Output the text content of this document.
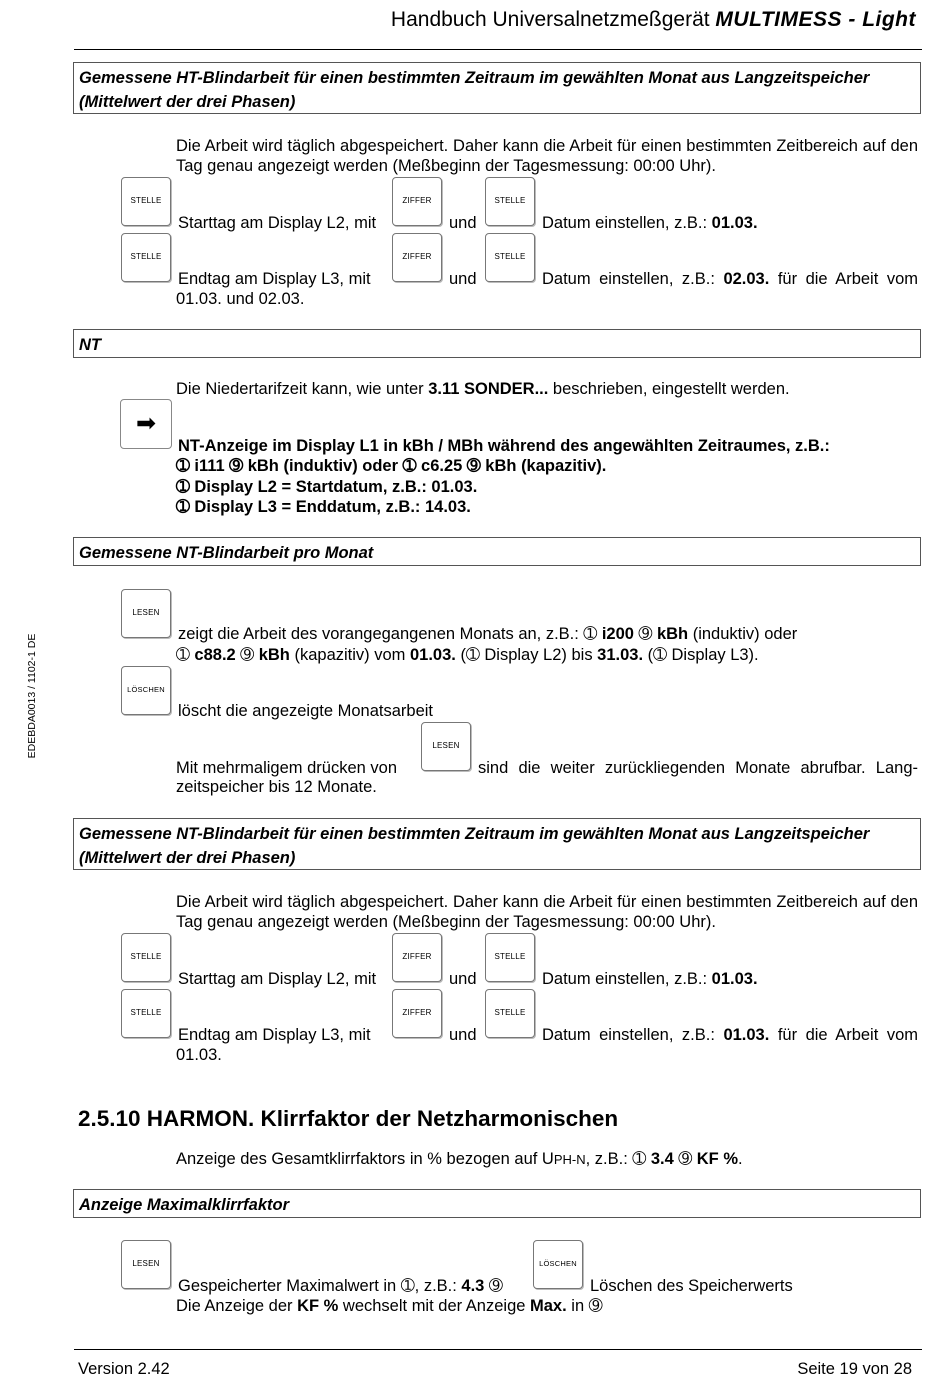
Handbuch Universalnetzmeßgerät MULTIMESS - Light
EDEBDA0013 / 1102-1 DE
Gemessene HT-Blindarbeit für einen bestimmten Zeitraum im gewählten Monat aus Langzeitspeicher (Mittelwert der drei Phasen)
Die Arbeit wird täglich abgespeichert. Daher kann die Arbeit für einen bestimmten Zeitbereich auf den Tag genau angezeigt werden (Meßbeginn der Tagesmessung: 00:00 Uhr).
STELLE
Starttag am Display L2, mit
ZIFFER
und
STELLE
Datum einstellen, z.B.: 01.03.
STELLE
Endtag am Display L3, mit
ZIFFER
und
STELLE
Datum einstellen, z.B.: 02.03. für die Arbeit vom
01.03. und 02.03.
NT
Die Niedertarifzeit kann, wie unter 3.11 SONDER... beschrieben, eingestellt werden.
➡
NT-Anzeige im Display L1 in kBh / MBh während des angewählten Zeitraumes, z.B.:
➀ i111 ➈ kBh (induktiv) oder ➀ c6.25 ➈ kBh (kapazitiv).
➀ Display L2 = Startdatum, z.B.: 01.03.
➀ Display L3 = Enddatum, z.B.: 14.03.
Gemessene NT-Blindarbeit pro Monat
LESEN
zeigt die Arbeit des vorangegangenen Monats an, z.B.: ➀ i200 ➈ kBh (induktiv) oder
➀ c88.2 ➈ kBh (kapazitiv) vom 01.03. (➀ Display L2) bis 31.03. (➀ Display L3).
LÖSCHEN
löscht die angezeigte Monatsarbeit
Mit mehrmaligem drücken von
LESEN
sind die weiter zurückliegenden Monate abrufbar. Lang-
zeitspeicher bis 12 Monate.
Gemessene NT-Blindarbeit für einen bestimmten Zeitraum im gewählten Monat aus Langzeitspeicher (Mittelwert der drei Phasen)
Die Arbeit wird täglich abgespeichert. Daher kann die Arbeit für einen bestimmten Zeitbereich auf den Tag genau angezeigt werden (Meßbeginn der Tagesmessung: 00:00 Uhr).
STELLE
Starttag am Display L2, mit
ZIFFER
und
STELLE
Datum einstellen, z.B.: 01.03.
STELLE
Endtag am Display L3, mit
ZIFFER
und
STELLE
Datum einstellen, z.B.: 01.03. für die Arbeit vom
01.03.
2.5.10 HARMON. Klirrfaktor der Netzharmonischen
Anzeige des Gesamtklirrfaktors in % bezogen auf UPH-N, z.B.: ➀ 3.4 ➈ KF %.
Anzeige Maximalklirrfaktor
LESEN
Gespeicherter Maximalwert in ➀, z.B.: 4.3 ➈
LÖSCHEN
Löschen des Speicherwerts
Die Anzeige der KF % wechselt mit der Anzeige Max. in ➈
Version 2.42	Seite 19 von 28
